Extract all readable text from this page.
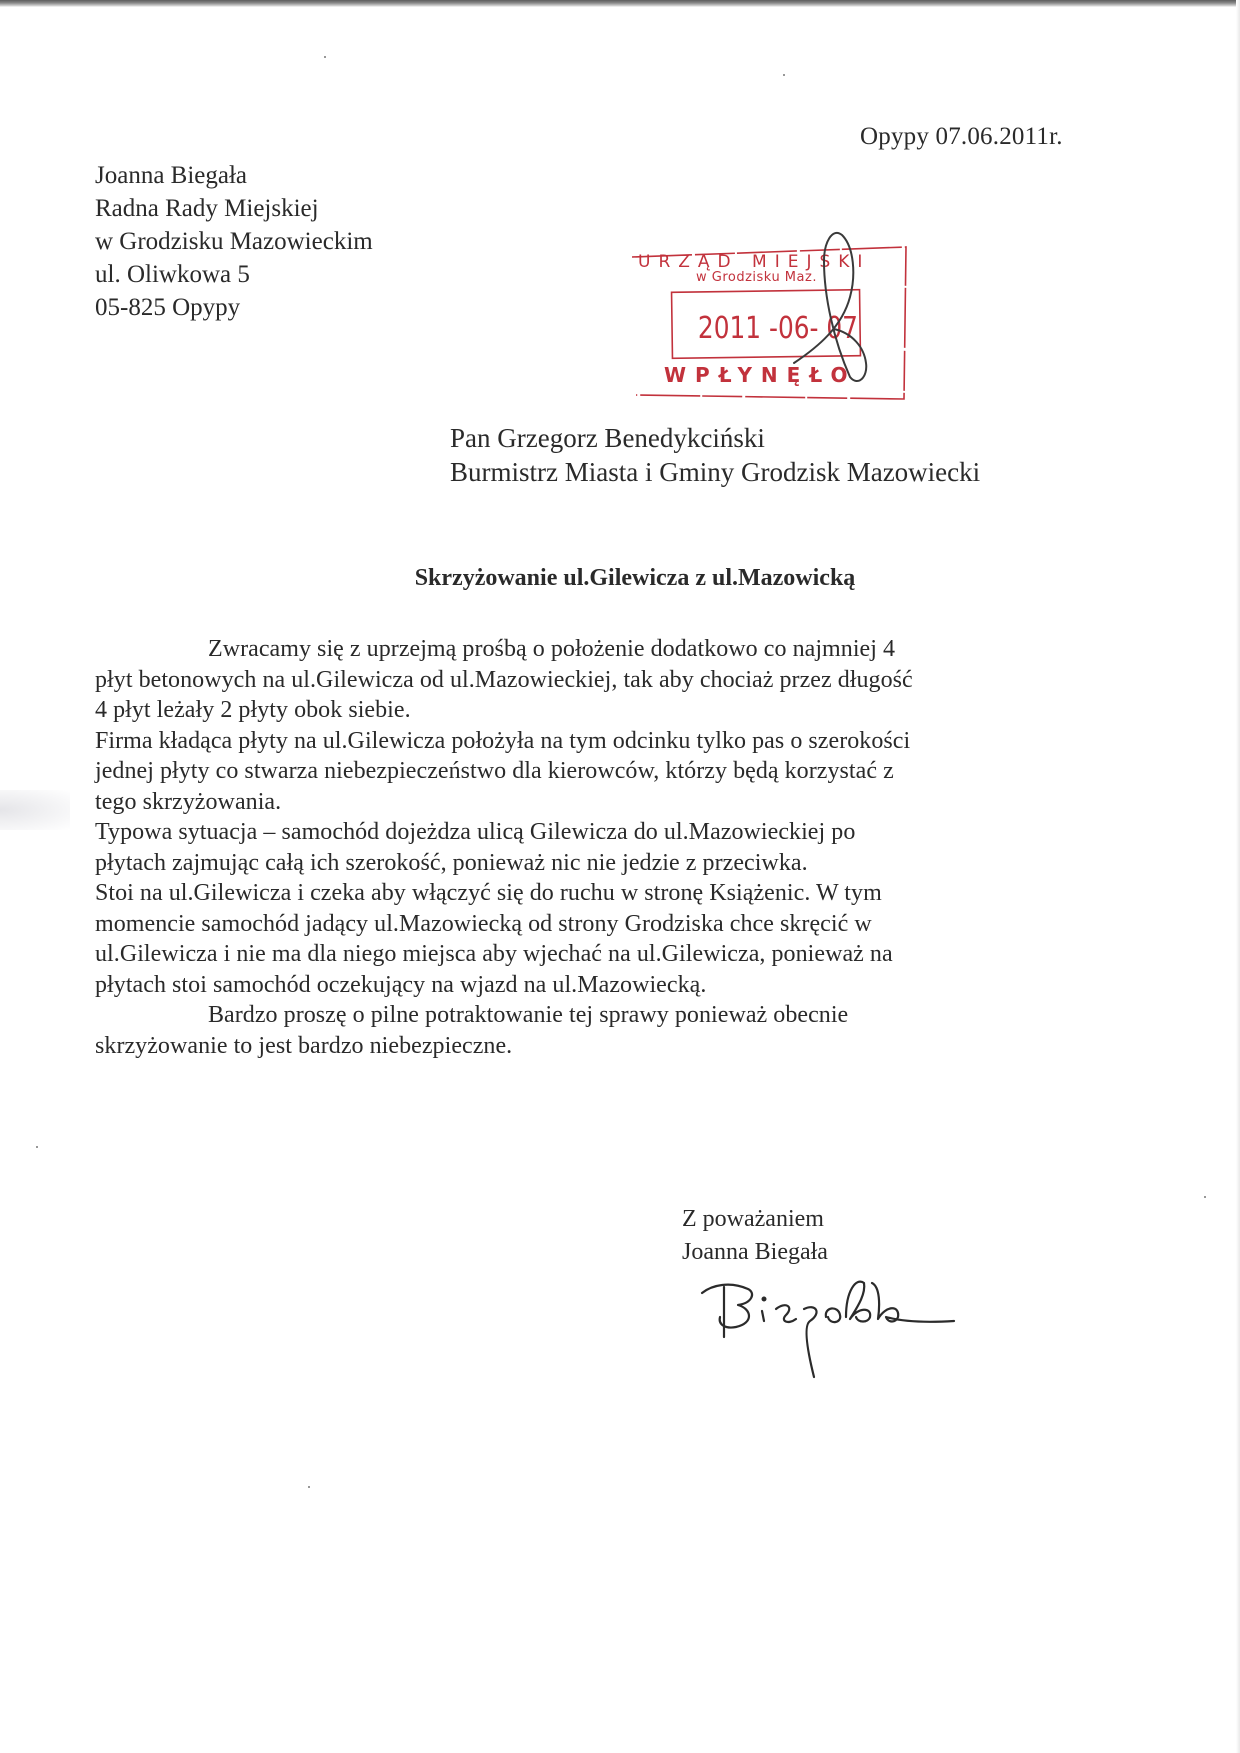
Opypy 07.06.2011r.
Joanna Biegała
Radna Rady Miejskiej
w Grodzisku Mazowieckim
ul. Oliwkowa 5
05-825 Opypy
URZĄD MIEJSKI
w Grodzisku Maz.
2011 -06- 07
WPŁYNĘŁO
Pan Grzegorz Benedykciński
Burmistrz Miasta i Gminy Grodzisk Mazowiecki
Skrzyżowanie ul.Gilewicza z ul.Mazowicką
Zwracamy się z uprzejmą prośbą o położenie dodatkowo co najmniej 4
płyt betonowych na ul.Gilewicza od ul.Mazowieckiej, tak aby chociaż przez długość
4 płyt leżały 2 płyty obok siebie.
Firma kładąca płyty na ul.Gilewicza położyła na tym odcinku tylko pas o szerokości
jednej płyty co stwarza niebezpieczeństwo dla kierowców, którzy będą korzystać z
tego skrzyżowania.
Typowa sytuacja – samochód dojeżdza ulicą Gilewicza do ul.Mazowieckiej po
płytach zajmując całą ich szerokość, ponieważ nic nie jedzie z przeciwka.
Stoi na ul.Gilewicza i czeka aby włączyć się do ruchu w stronę Książenic. W tym
momencie samochód jadący ul.Mazowiecką od strony Grodziska chce skręcić w
ul.Gilewicza i nie ma dla niego miejsca aby wjechać na ul.Gilewicza, ponieważ na
płytach stoi samochód oczekujący na wjazd na ul.Mazowiecką.
Bardzo proszę o pilne potraktowanie tej sprawy ponieważ obecnie
skrzyżowanie to jest bardzo niebezpieczne.
Z poważaniem
Joanna Biegała
